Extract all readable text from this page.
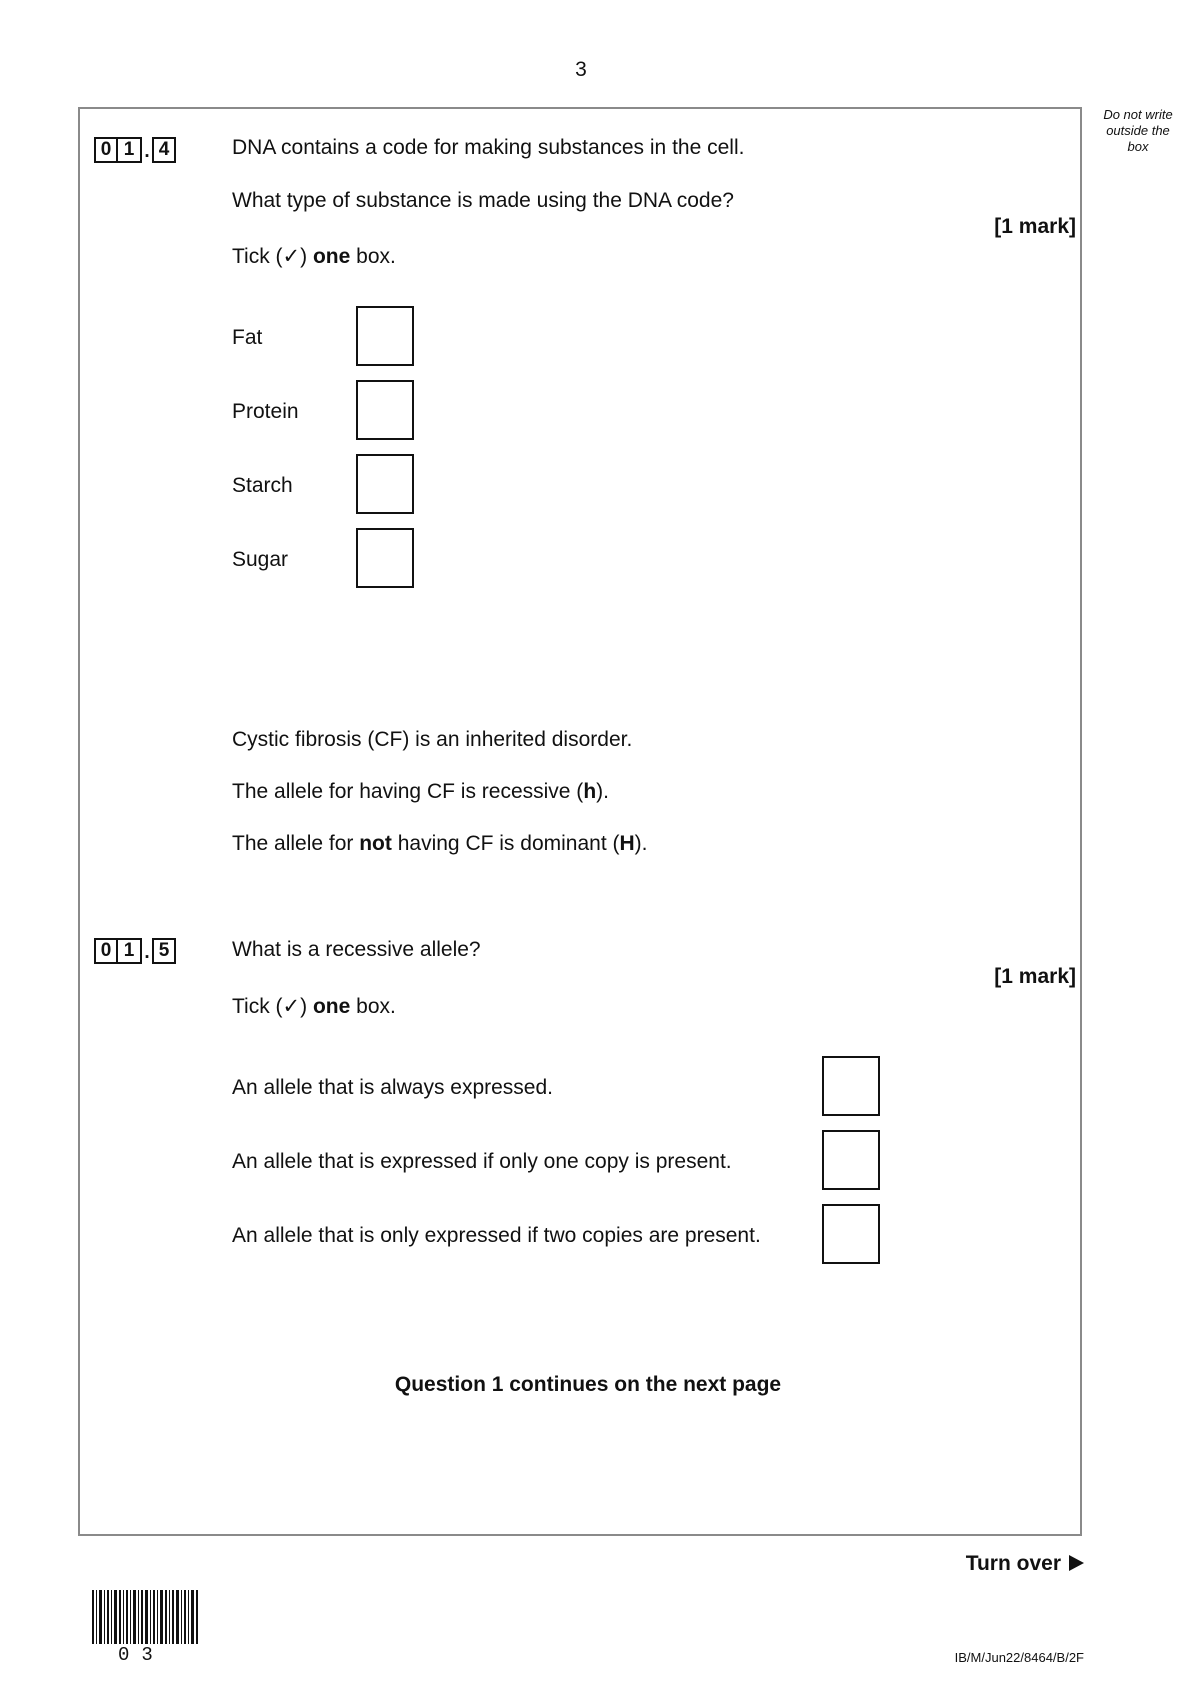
3
Do not write
outside the
box
0 1 . 4	DNA contains a code for making substances in the cell.
What type of substance is made using the DNA code?
[1 mark]
Tick (✓) one box.
Fat
Protein
Starch
Sugar
Cystic fibrosis (CF) is an inherited disorder.
The allele for having CF is recessive (h).
The allele for not having CF is dominant (H).
0 1 . 5	What is a recessive allele?
[1 mark]
Tick (✓) one box.
An allele that is always expressed.
An allele that is expressed if only one copy is present.
An allele that is only expressed if two copies are present.
Question 1 continues on the next page
Turn over
03	IB/M/Jun22/8464/B/2F
